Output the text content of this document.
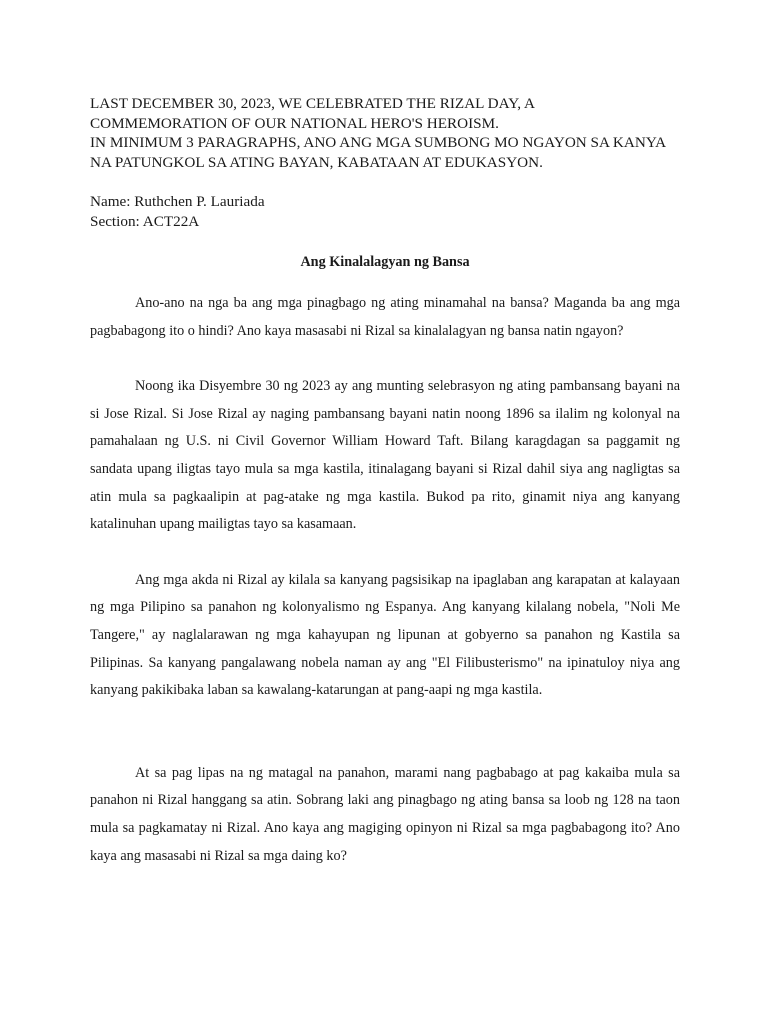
LAST DECEMBER 30, 2023, WE CELEBRATED THE RIZAL DAY, A
COMMEMORATION OF OUR NATIONAL HERO'S HEROISM.
IN MINIMUM 3 PARAGRAPHS, ANO ANG MGA SUMBONG MO NGAYON SA KANYA
NA PATUNGKOL SA ATING BAYAN, KABATAAN AT EDUKASYON.
Name: Ruthchen P. Lauriada
Section: ACT22A
Ang Kinalalagyan ng Bansa

Ano-ano na nga ba ang mga pinagbago ng ating minamahal na bansa? Maganda ba ang mga pagbabagong ito o hindi? Ano kaya masasabi ni Rizal sa kinalalagyan ng bansa natin ngayon?

Noong ika Disyembre 30 ng 2023 ay ang munting selebrasyon ng ating pambansang bayani na si Jose Rizal. Si Jose Rizal ay naging pambansang bayani natin noong 1896 sa ilalim ng kolonyal na pamahalaan ng U.S. ni Civil Governor William Howard Taft. Bilang karagdagan sa paggamit ng sandata upang iligtas tayo mula sa mga kastila, itinalagang bayani si Rizal dahil siya ang nagligtas sa atin mula sa pagkaalipin at pag-atake ng mga kastila. Bukod pa rito, ginamit niya ang kanyang katalinuhan upang mailigtas tayo sa kasamaan.

Ang mga akda ni Rizal ay kilala sa kanyang pagsisikap na ipaglaban ang karapatan at kalayaan ng mga Pilipino sa panahon ng kolonyalismo ng Espanya. Ang kanyang kilalang nobela, "Noli Me Tangere," ay naglalarawan ng mga kahayupan ng lipunan at gobyerno sa panahon ng Kastila sa Pilipinas. Sa kanyang pangalawang nobela naman ay ang "El Filibusterismo" na ipinatuloy niya ang kanyang pakikibaka laban sa kawalang-katarungan at pang-aapi ng mga kastila.

At sa pag lipas na ng matagal na panahon, marami nang pagbabago at pag kakaiba mula sa panahon ni Rizal hanggang sa atin. Sobrang laki ang pinagbago ng ating bansa sa loob ng 128 na taon mula sa pagkamatay ni Rizal. Ano kaya ang magiging opinyon ni Rizal sa mga pagbabagong ito? Ano kaya ang masasabi ni Rizal sa mga daing ko?
